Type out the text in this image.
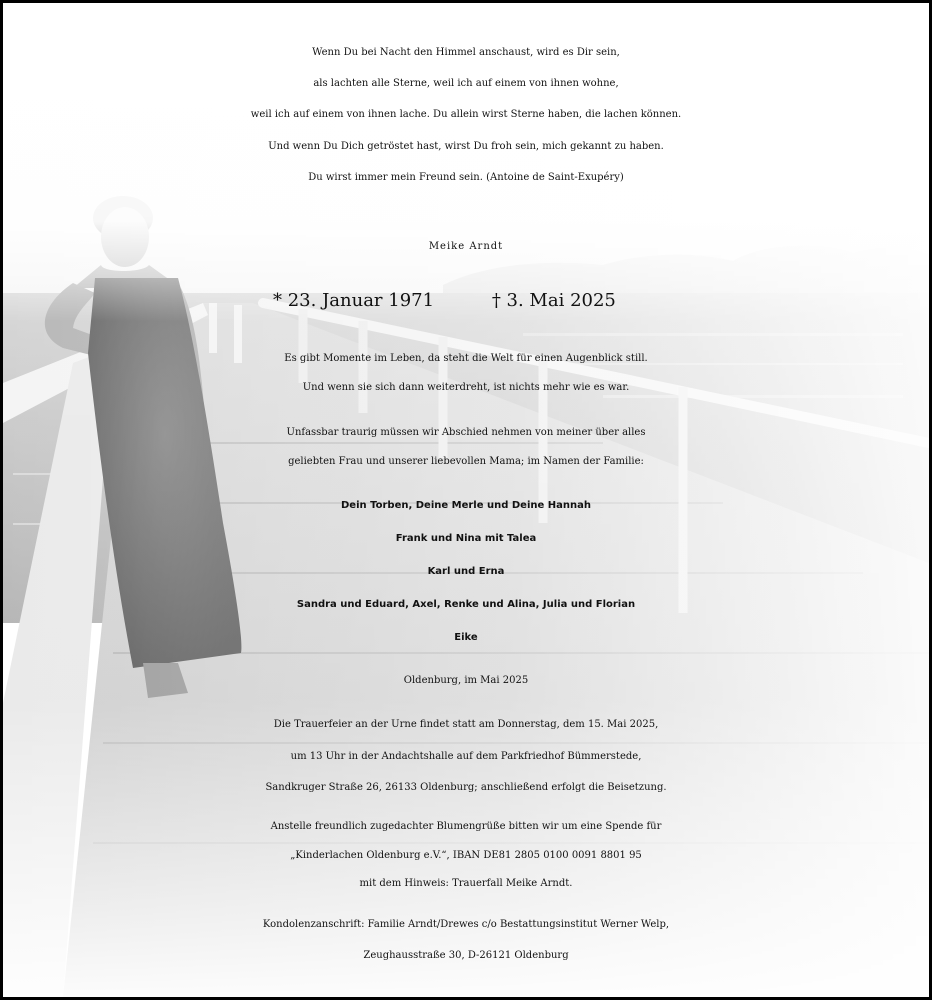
Wenn Du bei Nacht den Himmel anschaust, wird es Dir sein,
als lachten alle Sterne, weil ich auf einem von ihnen wohne,
weil ich auf einem von ihnen lache. Du allein wirst Sterne haben, die lachen können.
Und wenn Du Dich getröstet hast, wirst Du froh sein, mich gekannt zu haben.
Du wirst immer mein Freund sein. (Antoine de Saint-Exupéry)
Meike Arndt
* 23. Januar 1971	† 3. Mai 2025
Es gibt Momente im Leben, da steht die Welt für einen Augenblick still.
Und wenn sie sich dann weiterdreht, ist nichts mehr wie es war.
Unfassbar traurig müssen wir Abschied nehmen von meiner über alles
geliebten Frau und unserer liebevollen Mama; im Namen der Familie:
Dein Torben, Deine Merle und Deine Hannah
Frank und Nina mit Talea
Karl und Erna
Sandra und Eduard, Axel, Renke und Alina, Julia und Florian
Eike
Oldenburg, im Mai 2025
Die Trauerfeier an der Urne findet statt am Donnerstag, dem 15. Mai 2025,
um 13 Uhr in der Andachtshalle auf dem Parkfriedhof Bümmerstede,
Sandkruger Straße 26, 26133 Oldenburg; anschließend erfolgt die Beisetzung.
Anstelle freundlich zugedachter Blumengrüße bitten wir um eine Spende für
„Kinderlachen Oldenburg e.V.“, IBAN DE81 2805 0100 0091 8801 95
mit dem Hinweis: Trauerfall Meike Arndt.
Kondolenzanschrift: Familie Arndt/Drewes c/o Bestattungsinstitut Werner Welp,
Zeughausstraße 30, D-26121 Oldenburg
